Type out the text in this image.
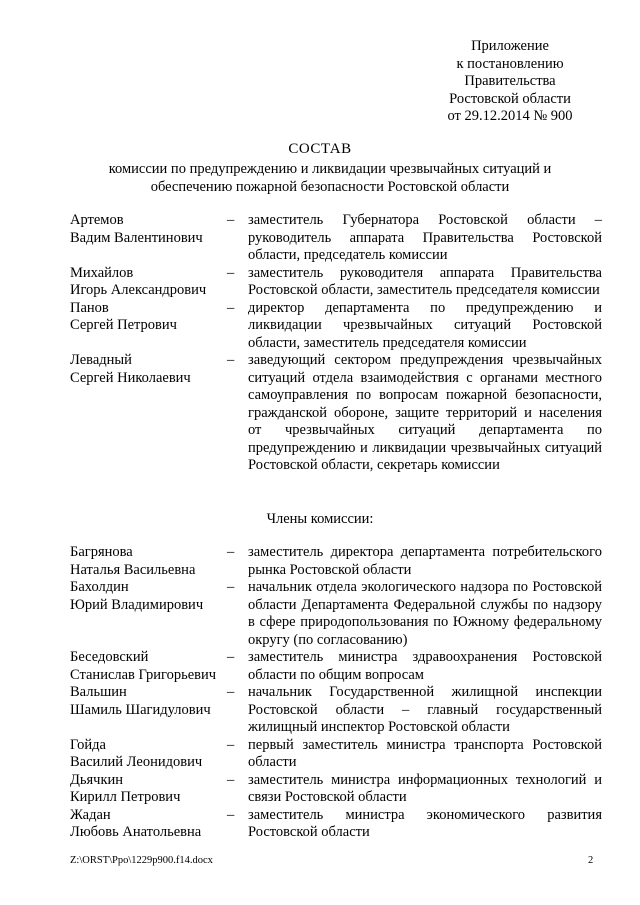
Приложение
к постановлению
Правительства
Ростовской области
от 29.12.2014 № 900
СОСТАВ
комиссии по предупреждению и ликвидации чрезвычайных ситуаций и
обеспечению пожарной безопасности Ростовской области
Артемов
Вадим Валентинович
– заместитель Губернатора Ростовской области – руководитель аппарата Правительства Ростовской области, председатель комиссии
Михайлов
Игорь Александрович
– заместитель руководителя аппарата Правительства Ростовской области, заместитель председателя комиссии
Панов
Сергей Петрович
– директор департамента по предупреждению и ликвидации чрезвычайных ситуаций Ростовской области, заместитель председателя комиссии
Левадный
Сергей Николаевич
– заведующий сектором предупреждения чрезвычайных ситуаций отдела взаимодействия с органами местного самоуправления по вопросам пожарной безопасности, гражданской обороне, защите территорий и населения от чрезвычайных ситуаций департамента по предупреждению и ликвидации чрезвычайных ситуаций Ростовской области, секретарь комиссии
Члены комиссии:
Багрянова
Наталья Васильевна
– заместитель директора департамента потребительского рынка Ростовской области
Бахолдин
Юрий Владимирович
– начальник отдела экологического надзора по Ростовской области Департамента Федеральной службы по надзору в сфере природопользования по Южному федеральному округу (по согласованию)
Беседовский
Станислав Григорьевич
– заместитель министра здравоохранения Ростовской области по общим вопросам
Вальшин
Шамиль Шагидулович
– начальник Государственной жилищной инспекции Ростовской области – главный государственный жилищный инспектор Ростовской области
Гойда
Василий Леонидович
– первый заместитель министра транспорта Ростовской области
Дьячкин
Кирилл Петрович
– заместитель министра информационных технологий и связи Ростовской области
Жадан
Любовь Анатольевна
– заместитель министра экономического развития Ростовской области
Z:\ORST\Ppo\1229p900.f14.docx	2
